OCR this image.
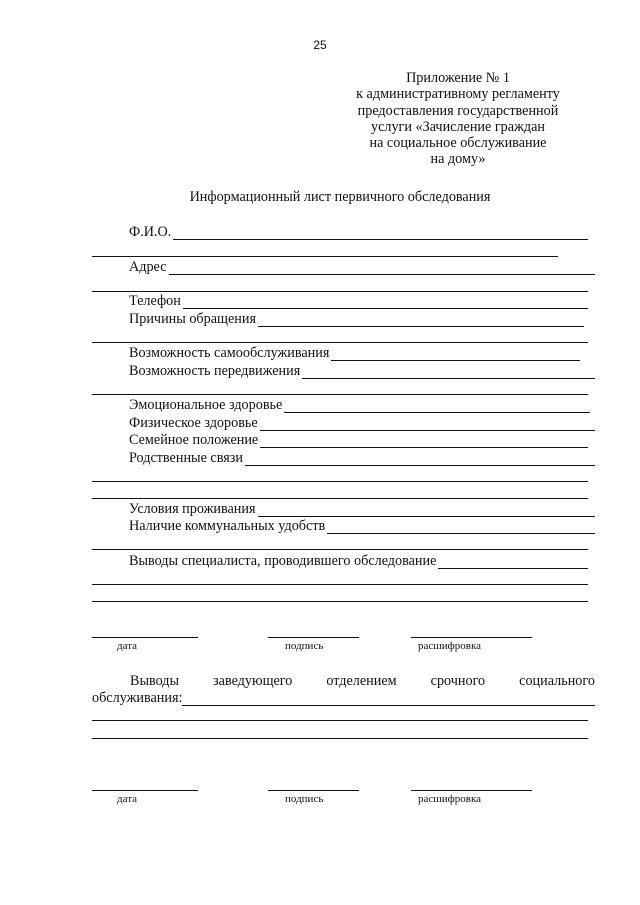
25
Приложение № 1
к административному регламенту
предоставления государственной
услуги «Зачисление граждан
на социальное обслуживание
на дому»
Информационный лист первичного обследования
Ф.И.О.
Адрес
Телефон
Причины обращения
Возможность самообслуживания
Возможность передвижения
Эмоциональное здоровье
Физическое здоровье
Семейное положение
Родственные связи
Условия проживания
Наличие коммунальных удобств
Выводы специалиста, проводившего обследование
дата	подпись	расшифровка
Выводы заведующего отделением срочного социального
обслуживания:
дата	подпись	расшифровка
